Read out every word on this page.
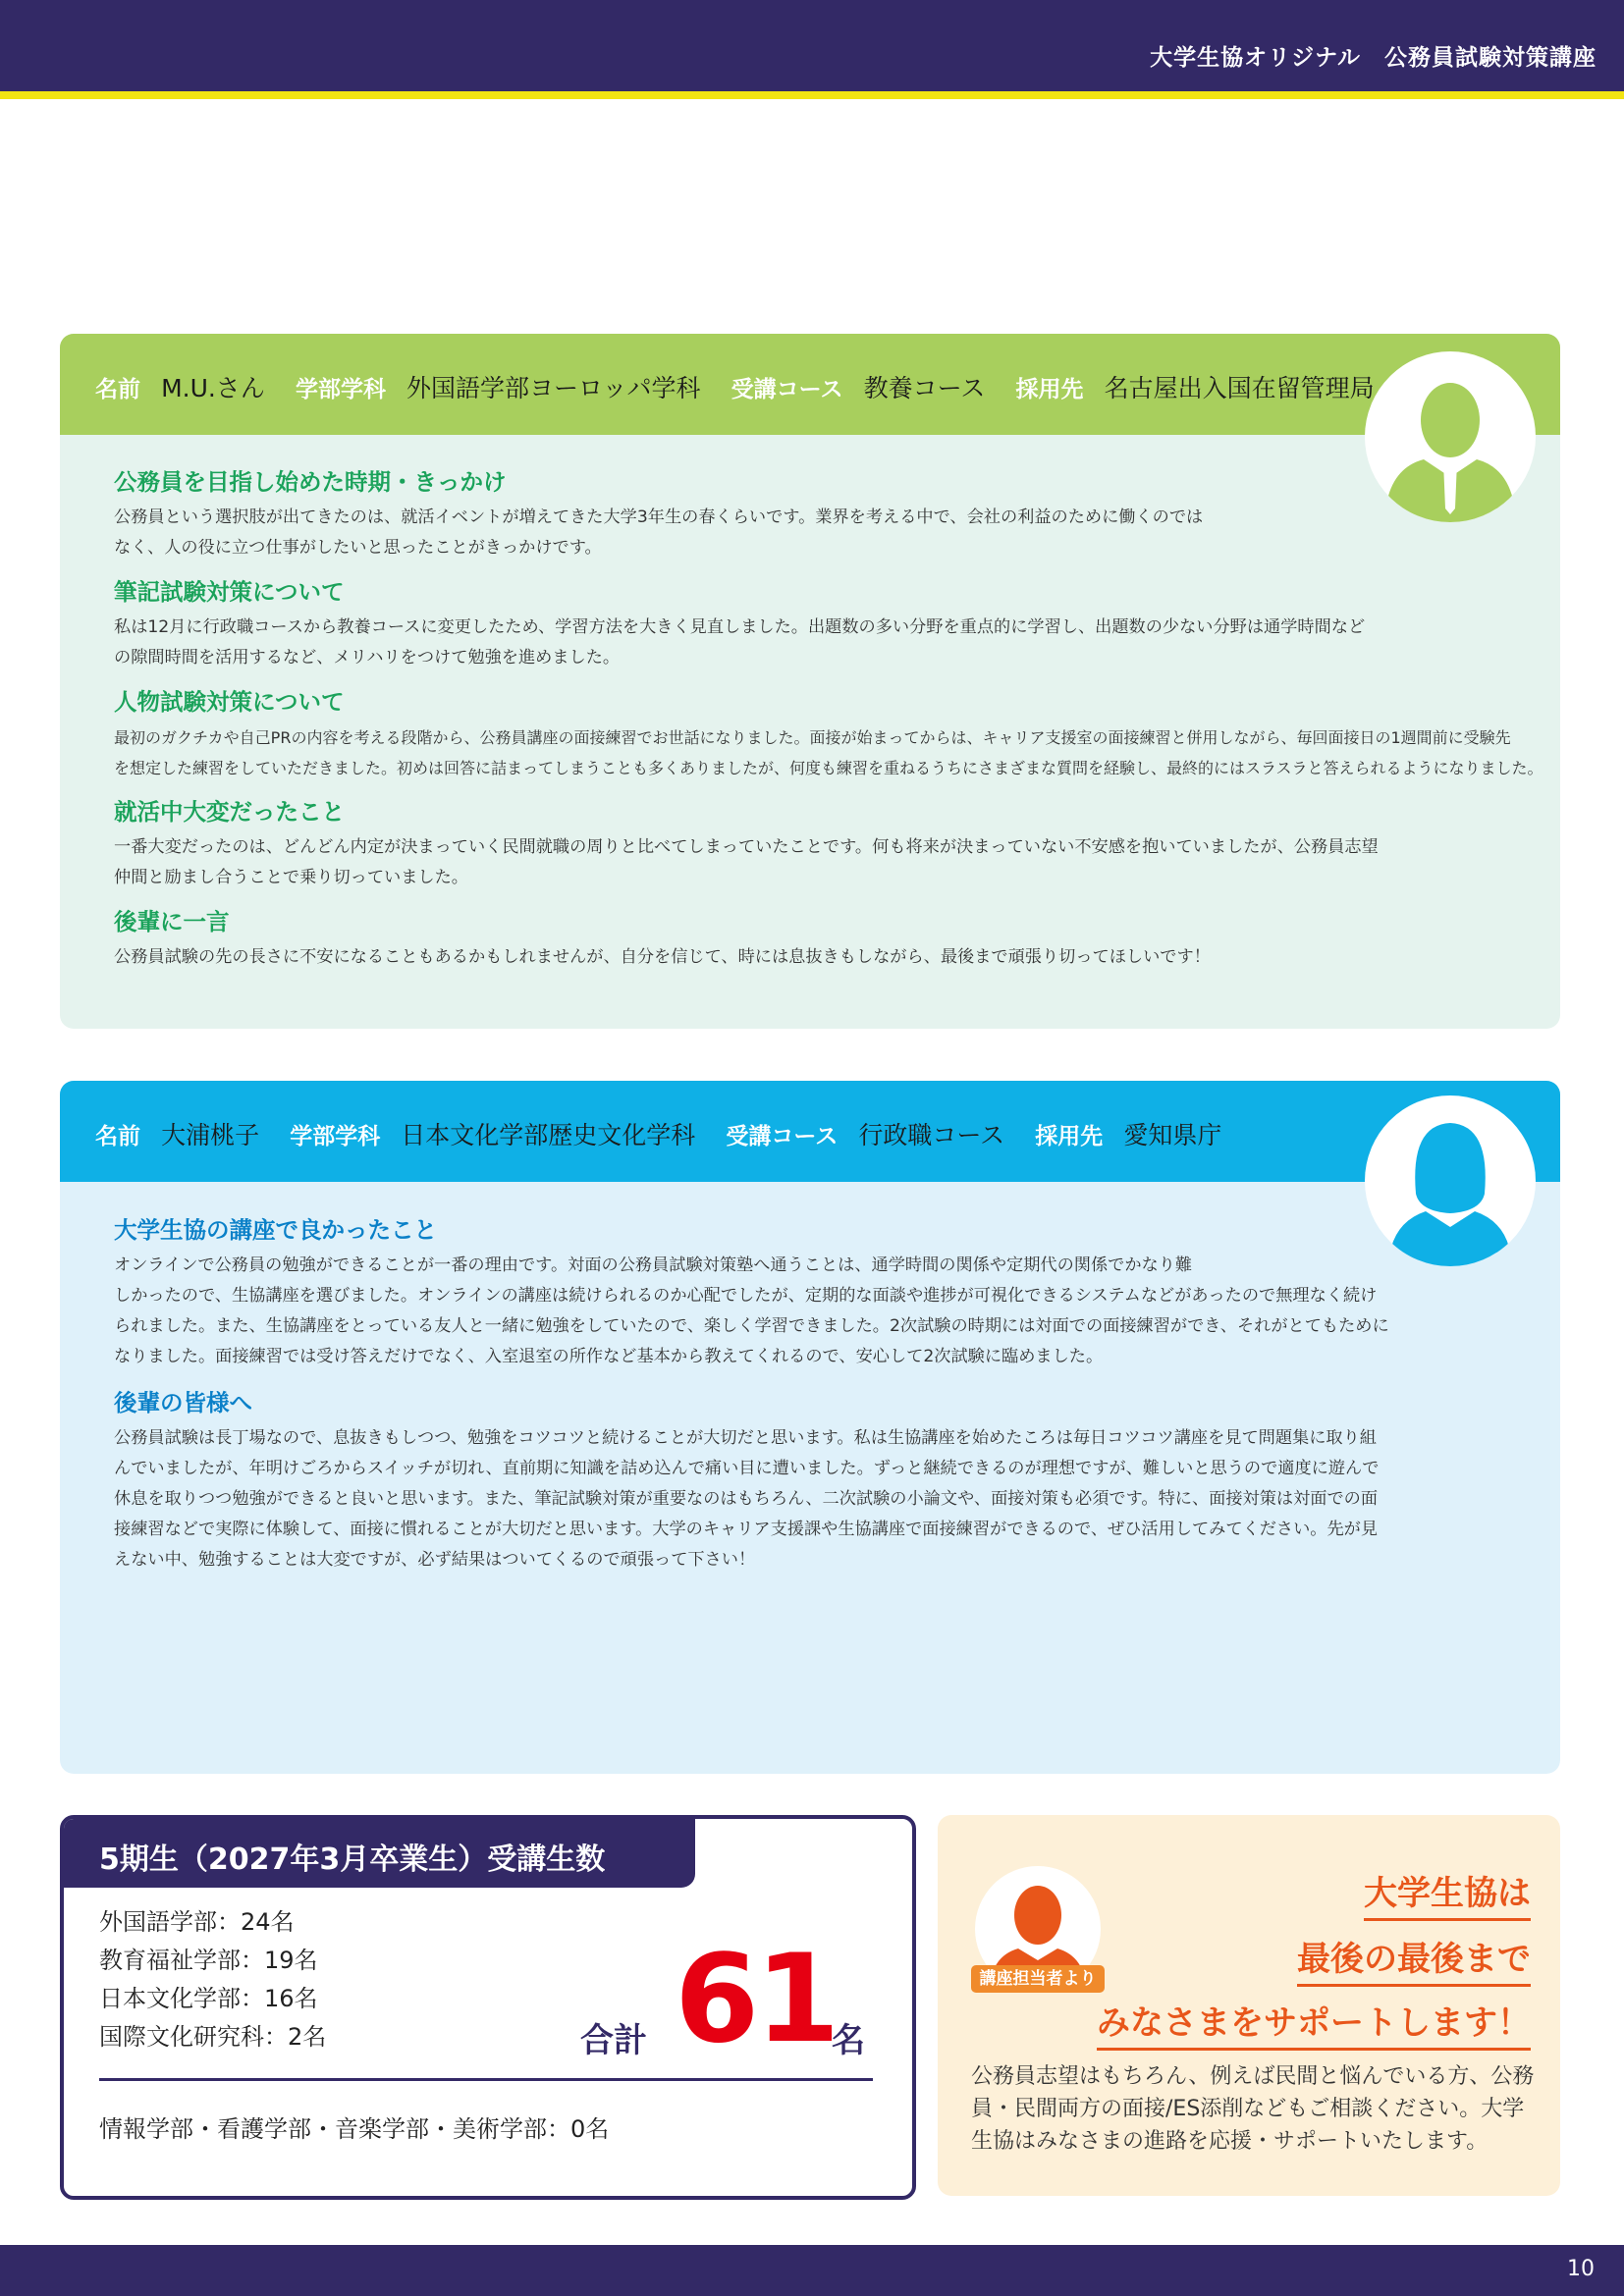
大学生協オリジナル　公務員試験対策講座
名前 M.U.さん 学部学科 外国語学部ヨーロッパ学科 受講コース 教養コース 採用先 名古屋出入国在留管理局
公務員を目指し始めた時期・きっかけ

公務員という選択肢が出てきたのは、就活イベントが増えてきた大学3年生の春くらいです。業界を考える中で、会社の利益のために働くのでは
なく、人の役に立つ仕事がしたいと思ったことがきっかけです。

筆記試験対策について

私は12月に行政職コースから教養コースに変更したため、学習方法を大きく見直しました。出題数の多い分野を重点的に学習し、出題数の少ない分野は通学時間など
の隙間時間を活用するなど、メリハリをつけて勉強を進めました。

人物試験対策について

最初のガクチカや自己PRの内容を考える段階から、公務員講座の面接練習でお世話になりました。面接が始まってからは、キャリア支援室の面接練習と併用しながら、毎回面接日の1週間前に受験先
を想定した練習をしていただきました。初めは回答に詰まってしまうことも多くありましたが、何度も練習を重ねるうちにさまざまな質問を経験し、最終的にはスラスラと答えられるようになりました。

就活中大変だったこと

一番大変だったのは、どんどん内定が決まっていく民間就職の周りと比べてしまっていたことです。何も将来が決まっていない不安感を抱いていましたが、公務員志望
仲間と励まし合うことで乗り切っていました。

後輩に一言

公務員試験の先の長さに不安になることもあるかもしれませんが、自分を信じて、時には息抜きもしながら、最後まで頑張り切ってほしいです！

名前 大浦桃子 学部学科 日本文化学部歴史文化学科 受講コース 行政職コース 採用先 愛知県庁
大学生協の講座で良かったこと

オンラインで公務員の勉強ができることが一番の理由です。対面の公務員試験対策塾へ通うことは、通学時間の関係や定期代の関係でかなり難
しかったので、生協講座を選びました。オンラインの講座は続けられるのか心配でしたが、定期的な面談や進捗が可視化できるシステムなどがあったので無理なく続け
られました。また、生協講座をとっている友人と一緒に勉強をしていたので、楽しく学習できました。2次試験の時期には対面での面接練習ができ、それがとてもために
なりました。面接練習では受け答えだけでなく、入室退室の所作など基本から教えてくれるので、安心して2次試験に臨めました。

後輩の皆様へ

公務員試験は長丁場なので、息抜きもしつつ、勉強をコツコツと続けることが大切だと思います。私は生協講座を始めたころは毎日コツコツ講座を見て問題集に取り組
んでいましたが、年明けごろからスイッチが切れ、直前期に知識を詰め込んで痛い目に遭いました。ずっと継続できるのが理想ですが、難しいと思うので適度に遊んで
休息を取りつつ勉強ができると良いと思います。また、筆記試験対策が重要なのはもちろん、二次試験の小論文や、面接対策も必須です。特に、面接対策は対面での面
接練習などで実際に体験して、面接に慣れることが大切だと思います。大学のキャリア支援課や生協講座で面接練習ができるので、ぜひ活用してみてください。先が見
えない中、勉強することは大変ですが、必ず結果はついてくるので頑張って下さい！

5期生（2027年3月卒業生）受講生数
外国語学部：24名
教育福祉学部：19名
日本文化学部：16名
国際文化研究科：2名	合計 61
名
情報学部・看護学部・音楽学部・美術学部：0名
講座担当者より
大学生協は
最後の最後まで
みなさまをサポートします！
公務員志望はもちろん、例えば民間と悩んでいる方、公務員・民間両方の面接/ES添削などもご相談ください。大学生協はみなさまの進路を応援・サポートいたします。
10
